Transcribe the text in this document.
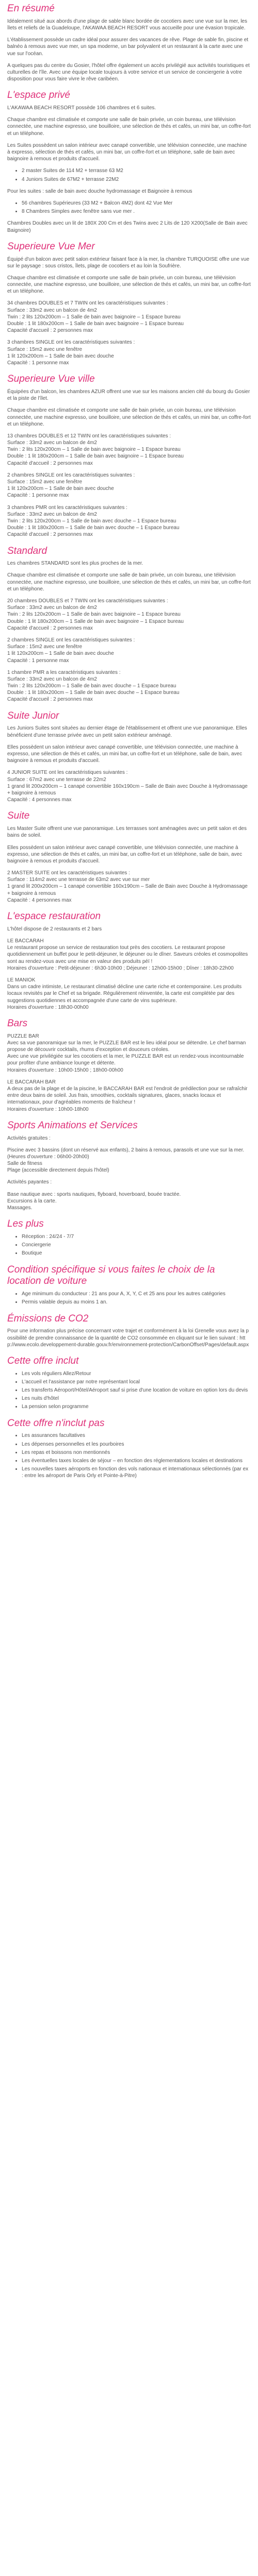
En résumé

Idéalement situé aux abords d'une plage de sable blanc bordée de cocotiers avec une vue sur la mer, les îlets et reliefs de la Guadeloupe, l'AKAWAA BEACH RESORT vous accueille pour une évasion tropicale.

L'établissement possède un cadre idéal pour assurer des vacances de rêve. Plage de sable fin, piscine et balnéo à remous avec vue mer, un spa moderne, un bar polyvalent et un restaurant à la carte avec une vue sur l'océan.

A quelques pas du centre du Gosier, l'hôtel offre également un accès privilégié aux activités touristiques et culturelles de l'île. Avec une équipe locale toujours à votre service et un service de conciergerie à votre disposition pour vous faire vivre le rêve caribéen.

L'espace privé

L'AKAWAA BEACH RESORT possède 106 chambres et 6 suites.

Chaque chambre est climatisée et comporte une salle de bain privée, un coin bureau, une télévision connectée, une machine expresso, une bouilloire, une sélection de thés et cafés, un mini bar, un coffre-fort et un téléphone.

Les Suites possèdent un salon intérieur avec canapé convertible, une télévision connectée, une machine à expresso, sélection de thés et cafés, un mini bar, un coffre-fort et un téléphone, salle de bain avec baignoire à remous et produits d'accueil.

• 2 master Suites de 114 M2 + terrasse 63 M2
• 4 Juniors Suites de 67M2 + terrasse 22M2

Pour les suites : salle de bain avec douche hydromassage et Baignoire à remous

• 56 chambres Supérieures (33 M2 + Balcon 4M2) dont 42 Vue Mer
• 8 Chambres Simples avec fenêtre sans vue mer .

Chambres Doubles avec un lit de 180X 200 Cm et des Twins avec 2 Lits de 120 X200(Salle de Bain avec Baignoire)

Superieure Vue Mer

Équipé d'un balcon avec petit salon extérieur faisant face à la mer, la chambre TURQUOISE offre une vue sur le paysage : sous cristos, îlets, plage de cocotiers et au loin la Soufrière.

Chaque chambre est climatisée et comporte une salle de bain privée, un coin bureau, une télévision connectée, une machine expresso, une bouilloire, une sélection de thés et cafés, un mini bar, un coffre-fort et un téléphone.

34 chambres DOUBLES et 7 TWIN ont les caractéristiques suivantes :
Surface : 33m2 avec un balcon de 4m2
Twin : 2 lits 120x200cm – 1 Salle de bain avec baignoire – 1 Espace bureau
Double : 1 lit 180x200cm – 1 Salle de bain avec baignoire – 1 Espace bureau
Capacité d'accueil : 2 personnes max

3 chambres SINGLE ont les caractéristiques suivantes :
Surface : 15m2 avec une fenêtre
1 lit 120x200cm – 1 Salle de bain avec douche
Capacité : 1 personne max

Superieure Vue ville

Équipées d'un balcon, les chambres AZUR offrent une vue sur les maisons ancien cité du bourg du Gosier et la piste de l'îlet.

Chaque chambre est climatisée et comporte une salle de bain privée, un coin bureau, une télévision connectée, une machine expresso, une bouilloire, une sélection de thés et cafés, un mini bar, un coffre-fort et un téléphone.

13 chambres DOUBLES et 12 TWIN ont les caractéristiques suivantes :
Surface : 33m2 avec un balcon de 4m2
Twin : 2 lits 120x200cm – 1 Salle de bain avec baignoire – 1 Espace bureau
Double : 1 lit 180x200cm – 1 Salle de bain avec baignoire – 1 Espace bureau
Capacité d'accueil : 2 personnes max

2 chambres SINGLE ont les caractéristiques suivantes :
Surface : 15m2 avec une fenêtre
1 lit 120x200cm – 1 Salle de bain avec douche
Capacité : 1 personne max

3 chambres PMR ont les caractéristiques suivantes :
Surface : 33m2 avec un balcon de 4m2
Twin : 2 lits 120x200cm – 1 Salle de bain avec douche – 1 Espace bureau
Double : 1 lit 180x200cm – 1 Salle de bain avec douche – 1 Espace bureau
Capacité d'accueil : 2 personnes max

Standard

Les chambres STANDARD sont les plus proches de la mer.

Chaque chambre est climatisée et comporte une salle de bain privée, un coin bureau, une télévision connectée, une machine expresso, une bouilloire, une sélection de thés et cafés, un mini bar, un coffre-fort et un téléphone.

20 chambres DOUBLES et 7 TWIN ont les caractéristiques suivantes :
Surface : 33m2 avec un balcon de 4m2
Twin : 2 lits 120x200cm – 1 Salle de bain avec baignoire – 1 Espace bureau
Double : 1 lit 180x200cm – 1 Salle de bain avec baignoire – 1 Espace bureau
Capacité d'accueil : 2 personnes max

2 chambres SINGLE ont les caractéristiques suivantes :
Surface : 15m2 avec une fenêtre
1 lit 120x200cm – 1 Salle de bain avec douche
Capacité : 1 personne max

1 chambre PMR a les caractéristiques suivantes :
Surface : 33m2 avec un balcon de 4m2
Twin : 2 lits 120x200cm – 1 Salle de bain avec douche – 1 Espace bureau
Double : 1 lit 180x200cm – 1 Salle de bain avec douche – 1 Espace bureau
Capacité d'accueil : 2 personnes max

Suite Junior

Les Juniors Suites sont situées au dernier étage de l'établissement et offrent une vue panoramique. Elles bénéficient d'une terrasse privée avec un petit salon extérieur aménagé.

Elles possèdent un salon intérieur avec canapé convertible, une télévision connectée, une machine à expresso, une sélection de thés et cafés, un mini bar, un coffre-fort et un téléphone, salle de bain, avec baignoire à remous et produits d'accueil.

4 JUNIOR SUITE ont les caractéristiques suivantes :
Surface : 67m2 avec une terrasse de 22m2
1 grand lit 200x200cm – 1 canapé convertible 160x190cm – Salle de Bain avec Douche à Hydromassage + baignoire à remous
Capacité : 4 personnes max

Suite

Les Master Suite offrent une vue panoramique. Les terrasses sont aménagées avec un petit salon et des bains de soleil.

Elles possèdent un salon intérieur avec canapé convertible, une télévision connectée, une machine à expresso, une sélection de thés et cafés, un mini bar, un coffre-fort et un téléphone, salle de bain, avec baignoire à remous et produits d'accueil.

2 MASTER SUITE ont les caractéristiques suivantes :
Surface : 114m2 avec une terrasse de 63m2 avec vue sur mer
1 grand lit 200x200cm – 1 canapé convertible 160x190cm – Salle de Bain avec Douche à Hydromassage + baignoire à remous
Capacité : 4 personnes max

L'espace restauration

L'hôtel dispose de 2 restaurants et 2 bars

LE BACCARAH
Le restaurant propose un service de restauration tout près des cocotiers. Le restaurant propose quotidiennement un buffet pour le petit-déjeuner, le déjeuner ou le dîner. Saveurs créoles et cosmopolites sont au rendez-vous avec une mise en valeur des produits péï !
Horaires d'ouverture : Petit-déjeuner : 6h30-10h00 ; Déjeuner : 12h00-15h00 ; Dîner : 18h30-22h00
LE MANIOK
Dans un cadre intimiste, Le restaurant climatisé décline une carte riche et contemporaine. Les produits locaux revisités par le Chef et sa brigade. Régulièrement réinventée, la carte est complétée par des suggestions quotidiennes et accompagnée d'une carte de vins supérieure.
Horaires d'ouverture : 18h30-00h00
Bars
PUZZLE BAR
Avec sa vue panoramique sur la mer, le PUZZLE BAR est le lieu idéal pour se détendre. Le chef barman propose de découvrir cocktails, rhums d'exception et douceurs créoles.
Avec une vue privilégiée sur les cocotiers et la mer, le PUZZLE BAR est un rendez-vous incontournable pour profiter d'une ambiance lounge et détente.
Horaires d'ouverture : 10h00-15h00 ; 18h00-00h00
LE BACCARAH BAR
A deux pas de la plage et de la piscine, le BACCARAH BAR est l'endroit de prédilection pour se rafraîchir entre deux bains de soleil. Jus frais, smoothies, cocktails signatures, glaces, snacks locaux et internationaux, pour d'agréables moments de fraîcheur !
Horaires d'ouverture : 10h00-18h00
Sports Animations et Services

Activités gratuites :

Piscine avec 3 bassins (dont un réservé aux enfants), 2 bains à remous, parasols et une vue sur la mer. (Heures d'ouverture : 06h00-20h00)
Salle de fitness
Plage (accessible directement depuis l'hôtel)

Activités payantes :

Base nautique avec : sports nautiques, flyboard, hoverboard, bouée tractée.
Excursions à la carte.
Massages.

Les plus
• Réception : 24/24 - 7/7
• Conciergerie
• Boutique
Condition spécifique si vous faites le choix de la location de voiture
• Age minimum du conducteur : 21 ans pour A, X, Y, C et 25 ans pour les autres catégories
• Permis valable depuis au moins 1 an.
Émissions de CO2

Pour une information plus précise concernant votre trajet et conformément à la loi Grenelle vous avez la possibilité de prendre connaissance de la quantité de CO2 consommée en cliquant sur le lien suivant : http://www.ecolo.developpement-durable.gouv.fr/environnement-protection/CarbonOffset/Pages/default.aspx

Cette offre inclut
• Les vols réguliers Allez/Retour
• L'accueil et l'assistance par notre représentant local
• Les transferts Aéroport/Hôtel/Aéroport sauf si prise d'une location de voiture en option lors du devis
• Les nuits d'hôtel
• La pension selon programme
Cette offre n'inclut pas
• Les assurances facultatives
• Les dépenses personnelles et les pourboires
• Les repas et boissons non mentionnés
• Les éventuelles taxes locales de séjour – en fonction des réglementations locales et destinations
• Les nouvelles taxes aéroports en fonction des vols nationaux et internationaux sélectionnés (par ex : entre les aéroport de Paris Orly et Pointe-à-Pitre)
